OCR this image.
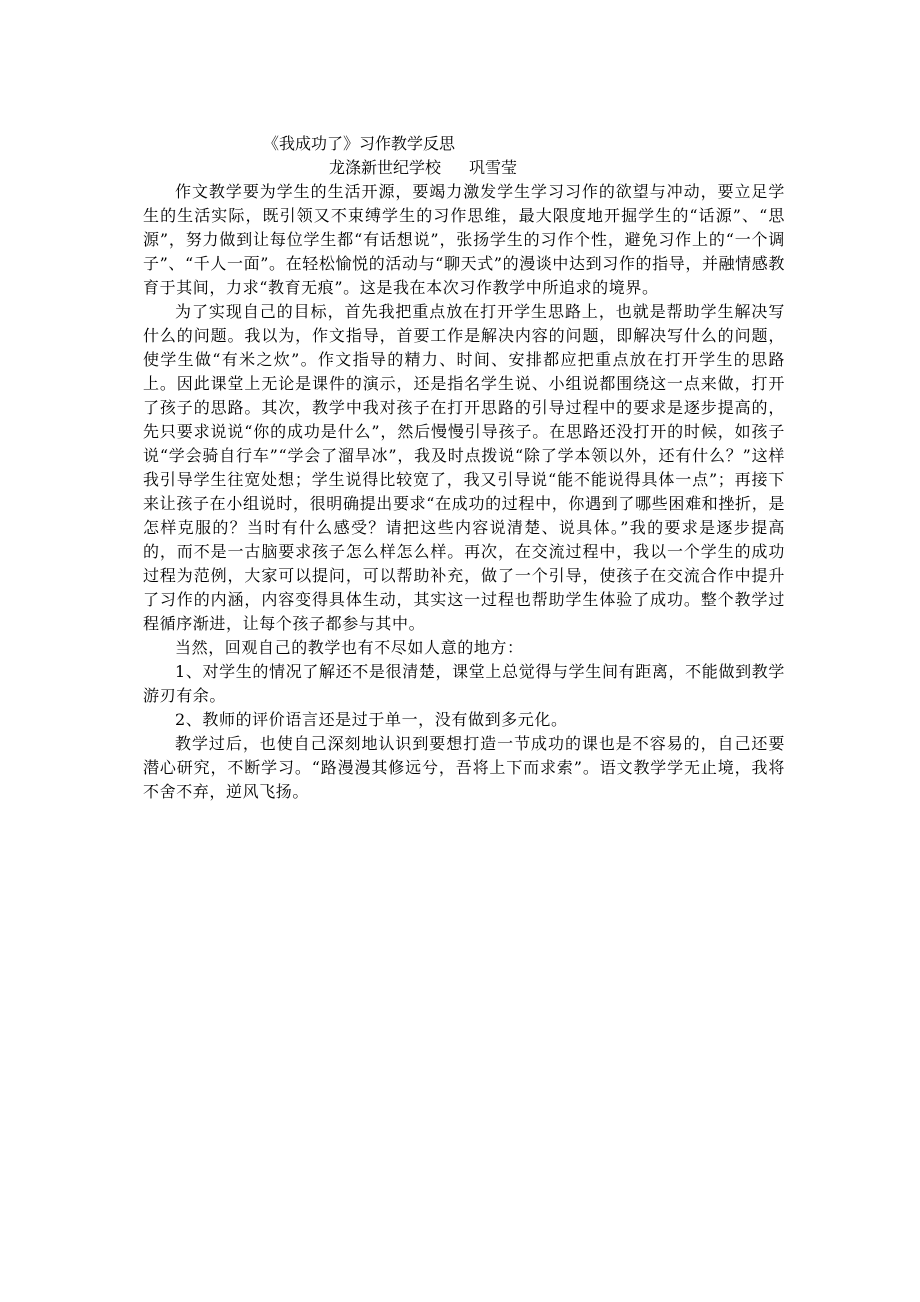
《我成功了》习作教学反思
龙涤新世纪学校 巩雪莹

作文教学要为学生的生活开源，要竭力激发学生学习习作的欲望与冲动，要立足学生的生活实际，既引领又不束缚学生的习作思维，最大限度地开掘学生的“话源”、“思源”，努力做到让每位学生都“有话想说”，张扬学生的习作个性，避免习作上的“一个调子”、“千人一面”。在轻松愉悦的活动与“聊天式”的漫谈中达到习作的指导，并融情感教育于其间，力求“教育无痕”。这是我在本次习作教学中所追求的境界。

为了实现自己的目标，首先我把重点放在打开学生思路上，也就是帮助学生解决写什么的问题。我以为，作文指导，首要工作是解决内容的问题，即解决写什么的问题，使学生做“有米之炊”。作文指导的精力、时间、安排都应把重点放在打开学生的思路上。因此课堂上无论是课件的演示，还是指名学生说、小组说都围绕这一点来做，打开了孩子的思路。其次，教学中我对孩子在打开思路的引导过程中的要求是逐步提高的，先只要求说说“你的成功是什么”，然后慢慢引导孩子。在思路还没打开的时候，如孩子说“学会骑自行车”“学会了溜旱冰”，我及时点拨说“除了学本领以外，还有什么？”这样我引导学生往宽处想；学生说得比较宽了，我又引导说“能不能说得具体一点”；再接下来让孩子在小组说时，很明确提出要求“在成功的过程中，你遇到了哪些困难和挫折，是怎样克服的？当时有什么感受？请把这些内容说清楚、说具体。”我的要求是逐步提高的，而不是一古脑要求孩子怎么样怎么样。再次，在交流过程中，我以一个学生的成功过程为范例，大家可以提问，可以帮助补充，做了一个引导，使孩子在交流合作中提升了习作的内涵，内容变得具体生动，其实这一过程也帮助学生体验了成功。整个教学过程循序渐进，让每个孩子都参与其中。

当然，回观自己的教学也有不尽如人意的地方：

1、对学生的情况了解还不是很清楚，课堂上总觉得与学生间有距离，不能做到教学游刃有余。

2、教师的评价语言还是过于单一，没有做到多元化。

教学过后，也使自己深刻地认识到要想打造一节成功的课也是不容易的，自己还要潜心研究，不断学习。“路漫漫其修远兮，吾将上下而求索”。语文教学学无止境，我将不舍不弃，逆风飞扬。
